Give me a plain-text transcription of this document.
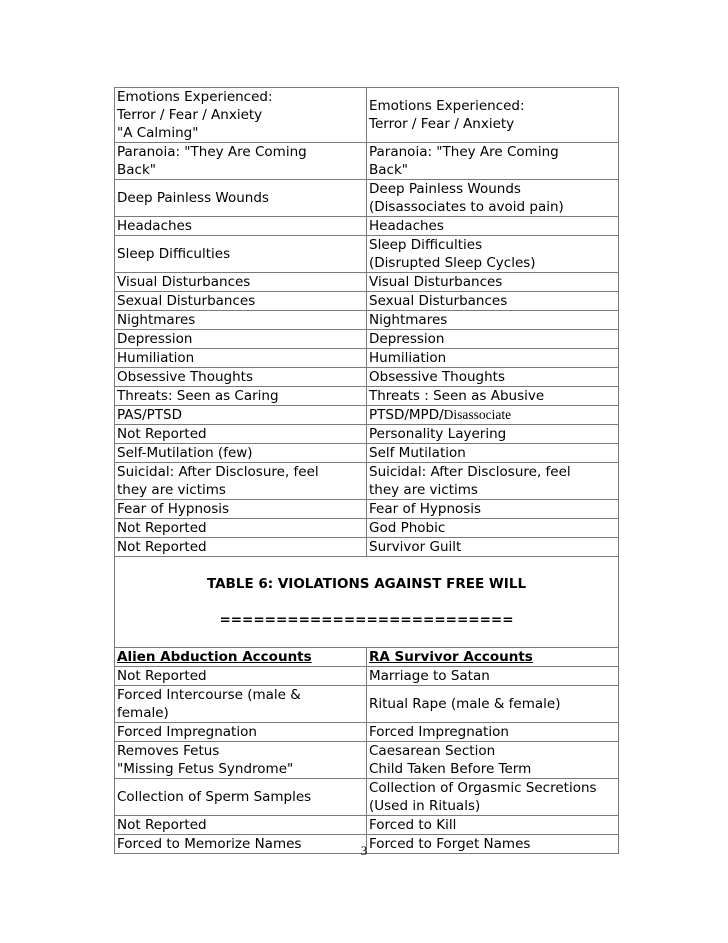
Emotions Experienced:
Terror / Fear / Anxiety
"A Calming"	Emotions Experienced:
Terror / Fear / Anxiety
Paranoia: "They Are Coming
Back"	Paranoia: "They Are Coming
Back"
Deep Painless Wounds	Deep Painless Wounds
(Disassociates to avoid pain)
Headaches	Headaches
Sleep Difficulties	Sleep Difficulties
(Disrupted Sleep Cycles)
Visual Disturbances	Visual Disturbances
Sexual Disturbances	Sexual Disturbances
Nightmares	Nightmares
Depression	Depression
Humiliation	Humiliation
Obsessive Thoughts	Obsessive Thoughts
Threats: Seen as Caring	Threats : Seen as Abusive
PAS/PTSD	PTSD/MPD/Disassociate
Not Reported	Personality Layering
Self-Mutilation (few)	Self Mutilation
Suicidal: After Disclosure, feel
they are victims	Suicidal: After Disclosure, feel
they are victims
Fear of Hypnosis	Fear of Hypnosis
Not Reported	God Phobic
Not Reported	Survivor Guilt

TABLE 6: VIOLATIONS AGAINST FREE WILL

==========================	

Alien Abduction Accounts	RA Survivor Accounts
Not Reported	Marriage to Satan
Forced Intercourse (male &
female)	Ritual Rape (male & female)
Forced Impregnation	Forced Impregnation
Removes Fetus
"Missing Fetus Syndrome"	Caesarean Section
Child Taken Before Term
Collection of Sperm Samples	Collection of Orgasmic Secretions
(Used in Rituals)
Not Reported	Forced to Kill
Forced to Memorize Names	Forced to Forget Names
3
